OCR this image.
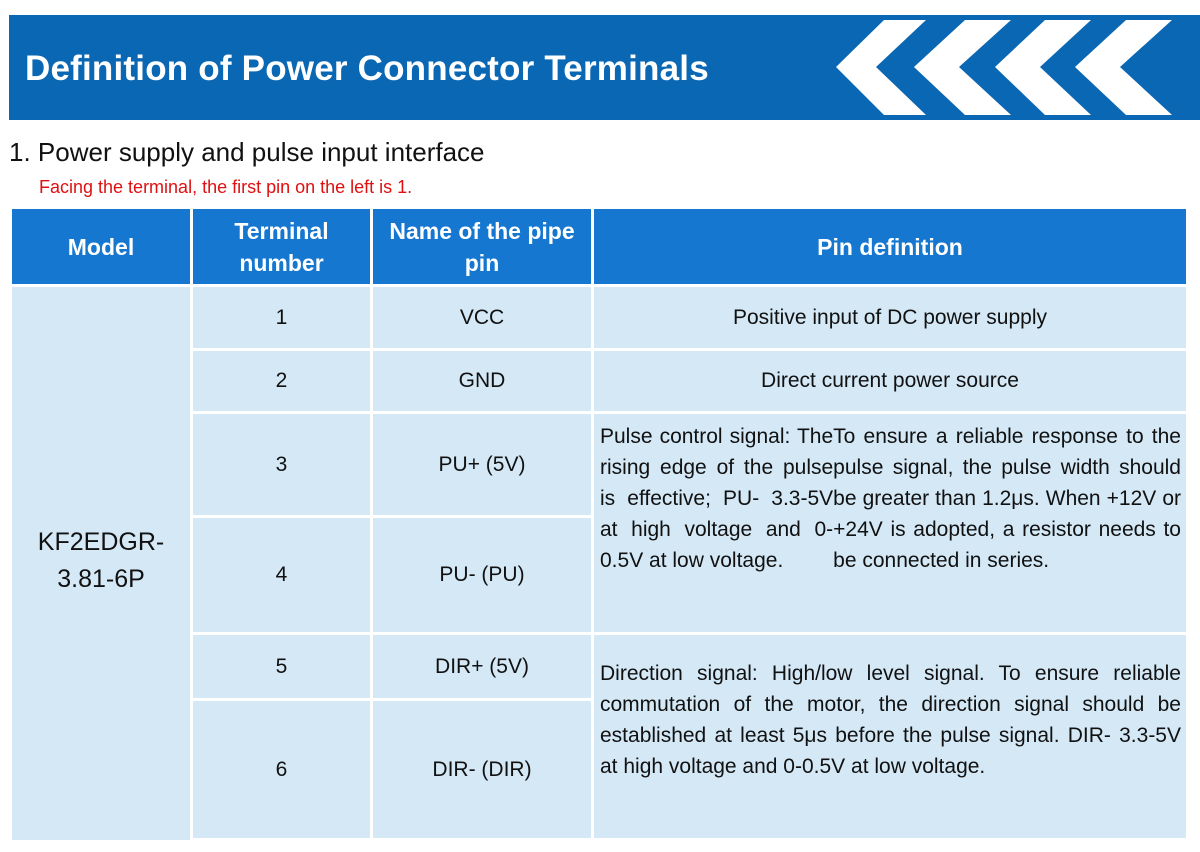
Definition of Power Connector Terminals
1. Power supply and pulse input interface
Facing the terminal, the first pin on the left is 1.
Model
Terminal
number
Name of the pipe
pin
Pin definition
KF2EDGR-
3.81-6P
1
2
3
4
5
6
VCC
GND
PU+ (5V)
PU- (PU)
DIR+ (5V)
DIR- (DIR)
Positive input of DC power supply
Direct current power source
Pulse control signal: The rising edge of the pulse is effective; PU- 3.3-5V at high voltage and 0-0.5V at low voltage.
To ensure a reliable response to the pulse signal, the pulse width should be greater than 1.2μs. When +12V or +24V is adopted, a resistor needs to be connected in series.
Direction signal: High/low level signal. To ensure reliable commutation of the motor, the direction signal should be established at least 5μs before the pulse signal. DIR- 3.3-5V at high voltage and 0-0.5V at low voltage.
